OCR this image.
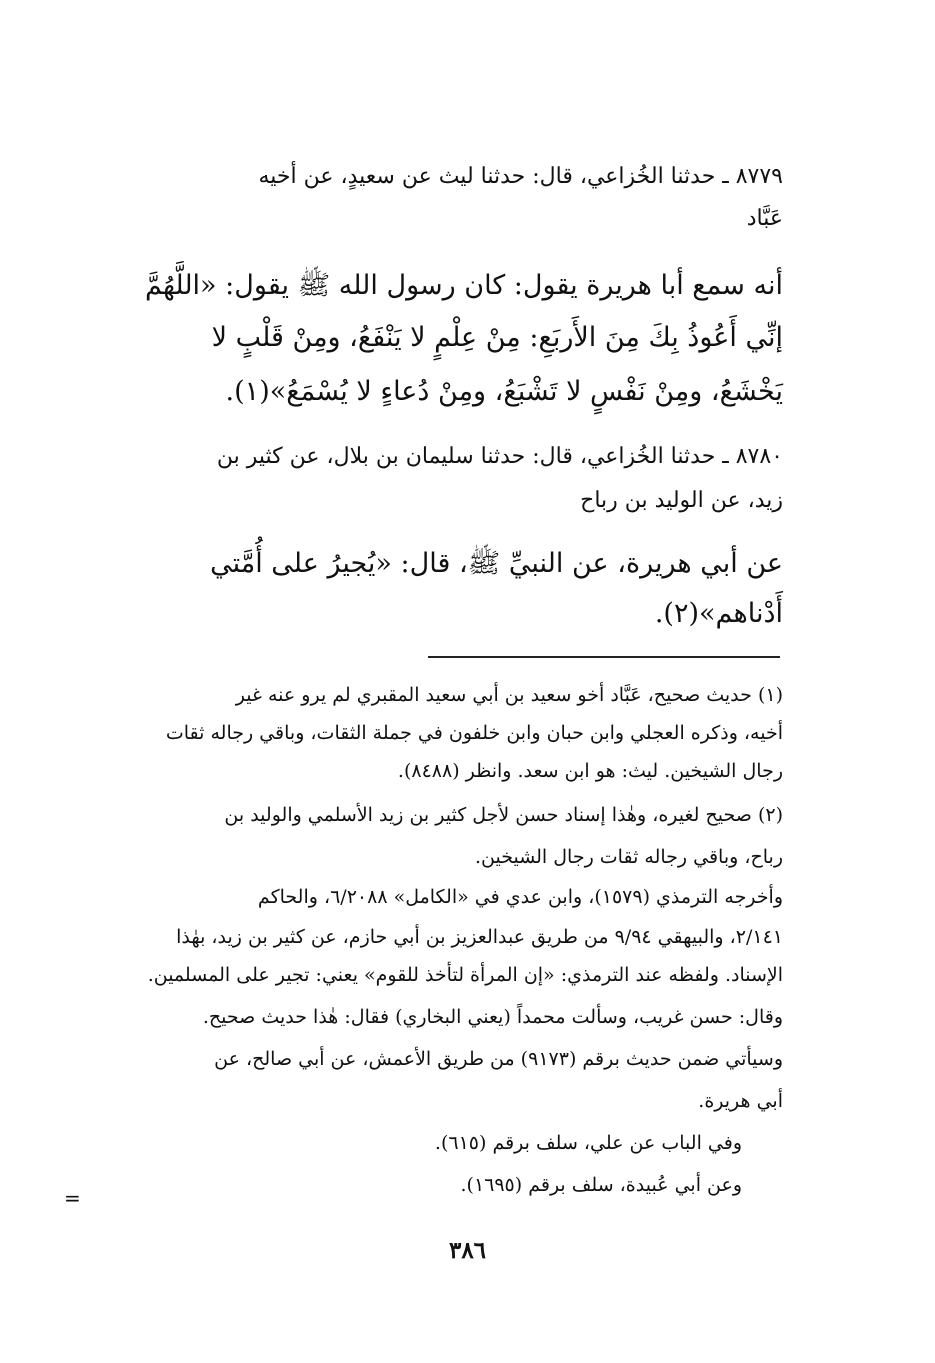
٨٧٧٩ ـ حدثنا الخُزاعي، قال: حدثنا ليث عن سعيدٍ، عن أخيه
عَبَّاد
أنه سمع أبا هريرة يقول: كان رسول الله ﷺ يقول: «اللَّهُمَّ
إنِّي أَعُوذُ بِكَ مِنَ الأَربَعِ: مِنْ عِلْمٍ لا يَنْفَعُ، ومِنْ قَلْبٍ لا
يَخْشَعُ، ومِنْ نَفْسٍ لا تَشْبَعُ، ومِنْ دُعاءٍ لا يُسْمَعُ»(١).
٨٧٨٠ ـ حدثنا الخُزاعي، قال: حدثنا سليمان بن بلال، عن كثير بن
زيد، عن الوليد بن رباح
عن أبي هريرة، عن النبيِّ ﷺ، قال: «يُجيرُ على أُمَّتي
أَدْناهم»(٢).
(١) حديث صحيح، عَبَّاد أخو سعيد بن أبي سعيد المقبري لم يرو عنه غير
أخيه، وذكره العجلي وابن حبان وابن خلفون في جملة الثقات، وباقي رجاله ثقات
رجال الشيخين. ليث: هو ابن سعد. وانظر (٨٤٨٨).
(٢) صحيح لغيره، وهٰذا إسناد حسن لأجل كثير بن زيد الأسلمي والوليد بن
رباح، وباقي رجاله ثقات رجال الشيخين.
وأخرجه الترمذي (١٥٧٩)، وابن عدي في «الكامل» ٦/٢٠٨٨، والحاكم
٢/١٤١، والبيهقي ٩/٩٤ من طريق عبدالعزيز بن أبي حازم، عن كثير بن زيد، بهٰذا
الإسناد. ولفظه عند الترمذي: «إن المرأة لتأخذ للقوم» يعني: تجير على المسلمين.
وقال: حسن غريب، وسألت محمداً (يعني البخاري) فقال: هٰذا حديث صحيح.
وسيأتي ضمن حديث برقم (٩١٧٣) من طريق الأعمش، عن أبي صالح، عن
أبي هريرة.
وفي الباب عن علي، سلف برقم (٦١٥).
وعن أبي عُبيدة، سلف برقم (١٦٩٥).
=
٣٨٦
